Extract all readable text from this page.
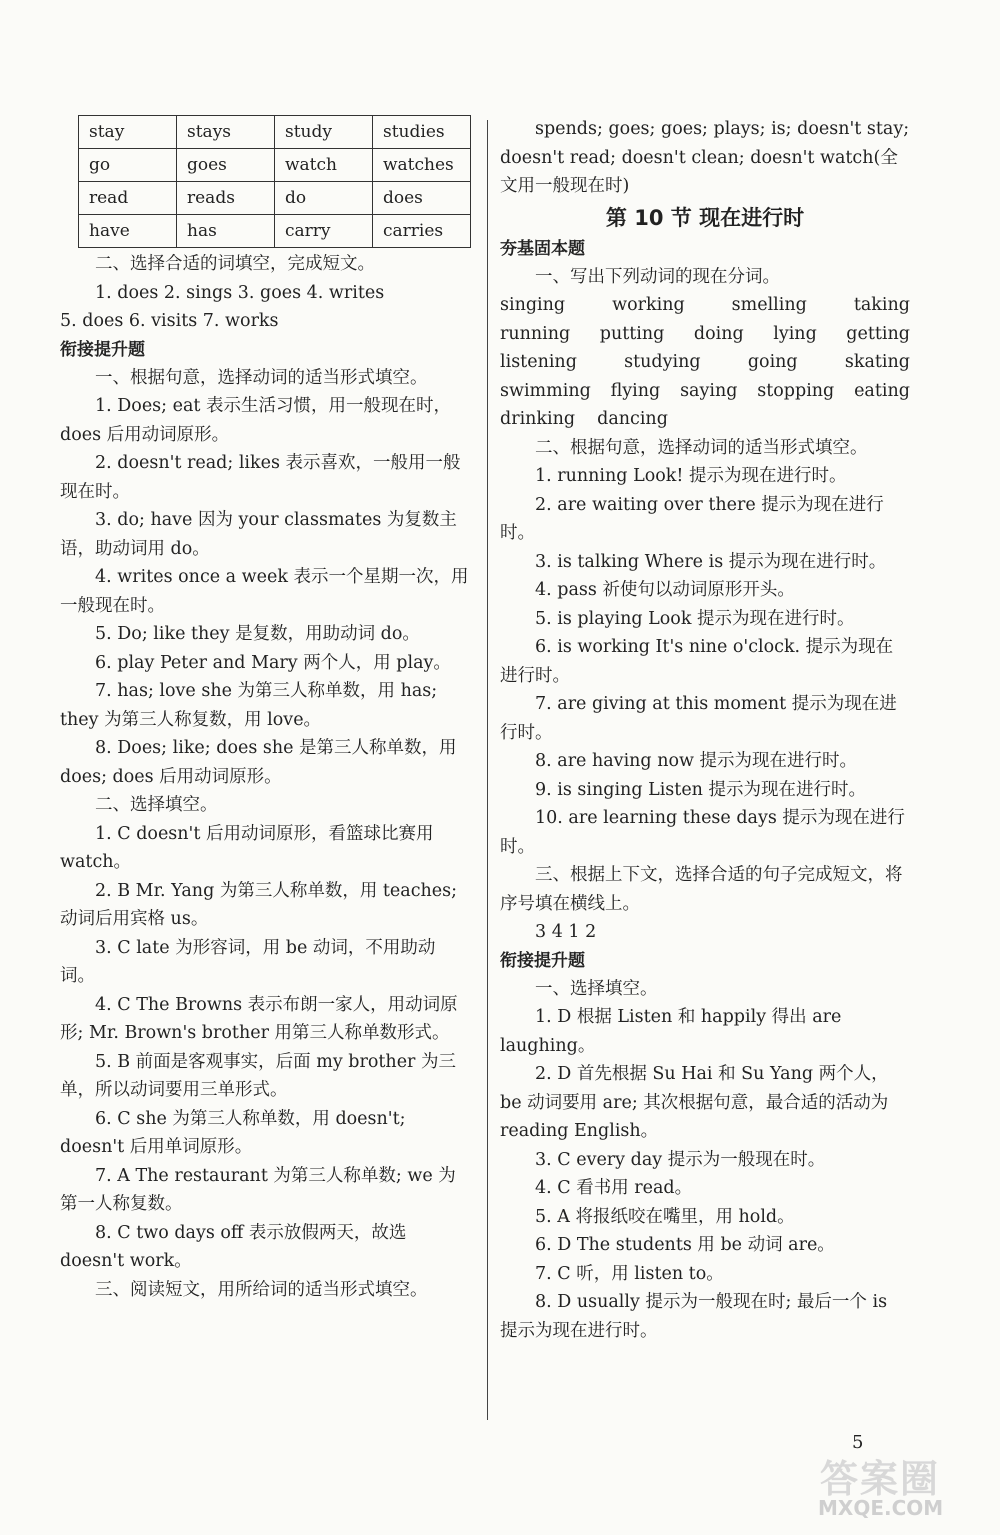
stay	stays	study	studies
go	goes	watch	watches
read	reads	do	does
have	has	carry	carries

二、选择合适的词填空，完成短文。

1. does 2. sings 3. goes 4. writes

5. does 6. visits 7. works

衔接提升题

一、根据句意，选择动词的适当形式填空。

1. Does; eat 表示生活习惯，用一般现在时，does 后用动词原形。

2. doesn't read; likes 表示喜欢，一般用一般现在时。

3. do; have 因为 your classmates 为复数主语，助动词用 do。

4. writes once a week 表示一个星期一次，用一般现在时。

5. Do; like they 是复数，用助动词 do。

6. play Peter and Mary 两个人，用 play。

7. has; love she 为第三人称单数，用 has; they 为第三人称复数，用 love。

8. Does; like; does she 是第三人称单数，用 does; does 后用动词原形。

二、选择填空。

1. C doesn't 后用动词原形，看篮球比赛用 watch。

2. B Mr. Yang 为第三人称单数，用 teaches; 动词后用宾格 us。

3. C late 为形容词，用 be 动词，不用助动词。

4. C The Browns 表示布朗一家人，用动词原形; Mr. Brown's brother 用第三人称单数形式。

5. B 前面是客观事实，后面 my brother 为三单，所以动词要用三单形式。

6. C she 为第三人称单数，用 doesn't; doesn't 后用单词原形。

7. A The restaurant 为第三人称单数; we 为第一人称复数。

8. C two days off 表示放假两天，故选 doesn't work。

三、阅读短文，用所给词的适当形式填空。

spends; goes; goes; plays; is; doesn't stay; doesn't read; doesn't clean; doesn't watch(全文用一般现在时)

第 10 节 现在进行时

夯基固本题

一、写出下列动词的现在分词。

singing	working	smelling	taking

running putting doing lying getting

listening	studying	going	skating

swimming flying saying stopping eating

drinking dancing

二、根据句意，选择动词的适当形式填空。

1. running Look! 提示为现在进行时。

2. are waiting over there 提示为现在进行时。

3. is talking Where is 提示为现在进行时。

4. pass 祈使句以动词原形开头。

5. is playing Look 提示为现在进行时。

6. is working It's nine o'clock. 提示为现在进行时。

7. are giving at this moment 提示为现在进行时。

8. are having now 提示为现在进行时。

9. is singing Listen 提示为现在进行时。

10. are learning these days 提示为现在进行时。

三、根据上下文，选择合适的句子完成短文，将序号填在横线上。

3 4 1 2

衔接提升题

一、选择填空。

1. D 根据 Listen 和 happily 得出 are laughing。

2. D 首先根据 Su Hai 和 Su Yang 两个人，be 动词要用 are; 其次根据句意，最合适的活动为 reading English。

3. C every day 提示为一般现在时。

4. C 看书用 read。

5. A 将报纸咬在嘴里，用 hold。

6. D The students 用 be 动词 are。

7. C 听，用 listen to。

8. D usually 提示为一般现在时; 最后一个 is 提示为现在进行时。

5
答案圈
MXQE.COM
